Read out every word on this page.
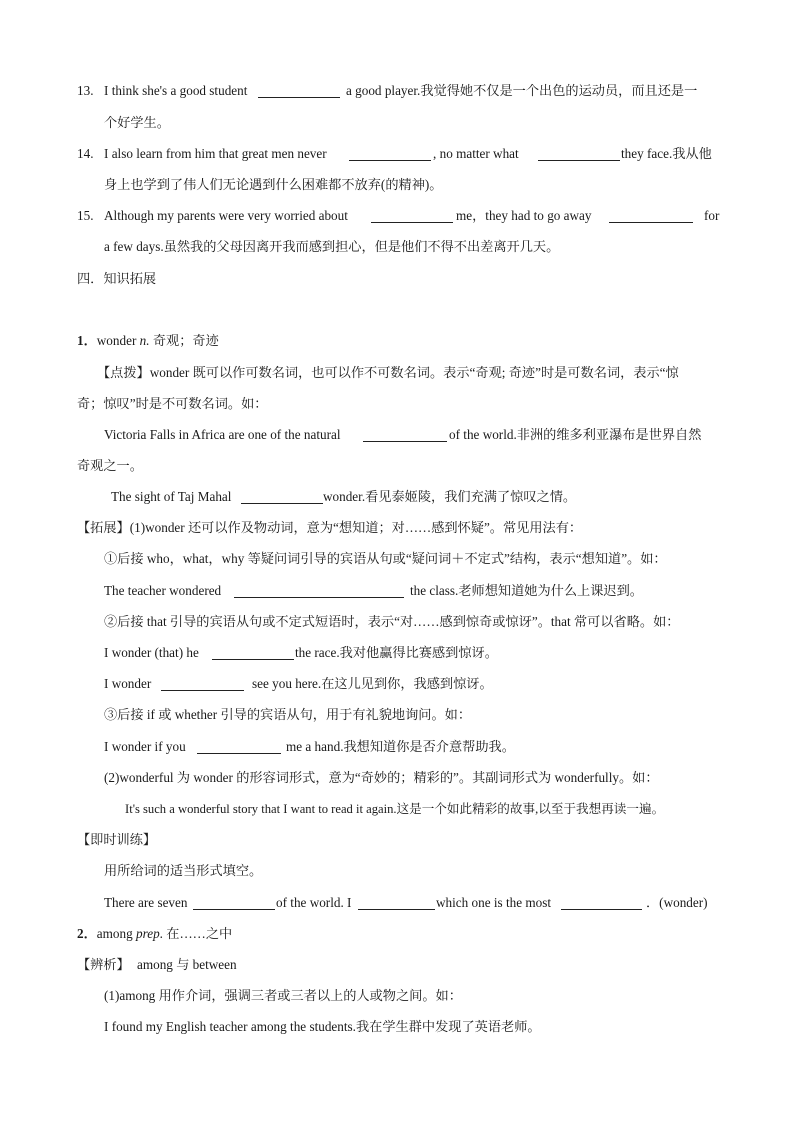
13. I think she's a good student	a good player.我觉得她不仅是一个出色的运动员，而且还是一
个好学生。
14. I also learn from him that great men never	, no matter what	they face.我从他
身上也学到了伟人们无论遇到什么困难都不放弃(的精神)。
15. Although my parents were very worried about	me，they had to go away	for
a few days.虽然我的父母因离开我而感到担心，但是他们不得不出差离开几天。
四．知识拓展
1．wonder n. 奇观；奇迹
【点拨】wonder 既可以作可数名词，也可以作不可数名词。表示“奇观; 奇迹”时是可数名词，表示“惊
奇；惊叹”时是不可数名词。如：
Victoria Falls in Africa are one of the natural	of the world.非洲的维多利亚瀑布是世界自然
奇观之一。
The sight of Taj Mahal	wonder.看见泰姬陵，我们充满了惊叹之情。
【拓展】(1)wonder 还可以作及物动词，意为“想知道；对……感到怀疑”。常见用法有：
①后接 who，what，why 等疑问词引导的宾语从句或“疑问词＋不定式”结构，表示“想知道”。如：
The teacher wondered	the class.老师想知道她为什么上课迟到。
②后接 that 引导的宾语从句或不定式短语时，表示“对……感到惊奇或惊讶”。that 常可以省略。如：
I wonder (that) he	the race.我对他赢得比赛感到惊讶。
I wonder	see you here.在这儿见到你，我感到惊讶。
③后接 if 或 whether 引导的宾语从句，用于有礼貌地询问。如：
I wonder if you	me a hand.我想知道你是否介意帮助我。
(2)wonderful 为 wonder 的形容词形式，意为“奇妙的；精彩的”。其副词形式为 wonderfully。如：
It's such a wonderful story that I want to read it again.这是一个如此精彩的故事,以至于我想再读一遍。
【即时训练】
用所给词的适当形式填空。
There are seven	of the world. I	which one is the most	．(wonder)
2．among prep. 在……之中
【辨析】 among 与 between
(1)among 用作介词，强调三者或三者以上的人或物之间。如：
I found my English teacher among the students.我在学生群中发现了英语老师。
